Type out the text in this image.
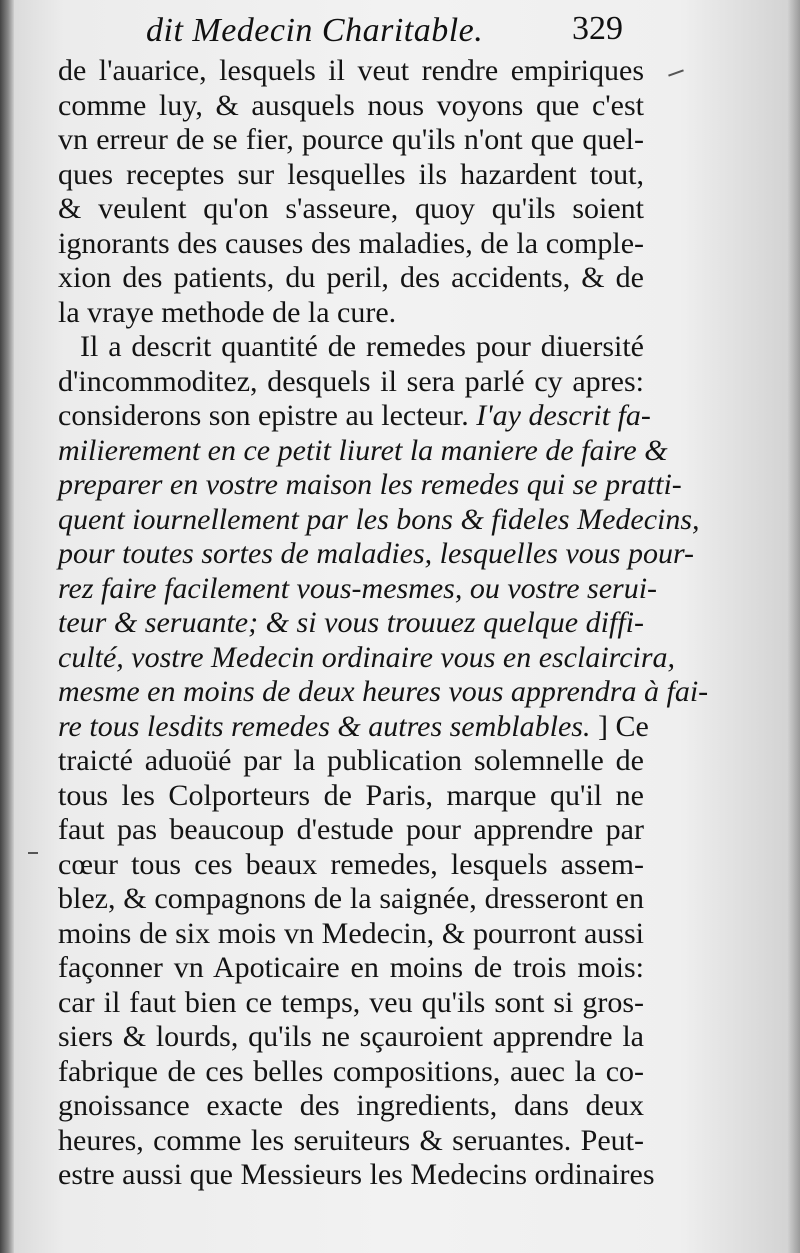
dit Medecin Charitable.	329
de l'auarice, lesquels il veut rendre empiriques
comme luy, & ausquels nous voyons que c'est
vn erreur de se fier, pource qu'ils n'ont que quel-
ques receptes sur lesquelles ils hazardent tout,
& veulent qu'on s'asseure, quoy qu'ils soient
ignorants des causes des maladies, de la comple-
xion des patients, du peril, des accidents, & de
la vraye methode de la cure.
Il a descrit quantité de remedes pour diuersité
d'incommoditez, desquels il sera parlé cy apres:
considerons son epistre au lecteur. I'ay descrit fa-
milierement en ce petit liuret la maniere de faire &
preparer en vostre maison les remedes qui se pratti-
quent iournellement par les bons & fideles Medecins,
pour toutes sortes de maladies, lesquelles vous pour-
rez faire facilement vous-mesmes, ou vostre serui-
teur & seruante; & si vous trouuez quelque diffi-
culté, vostre Medecin ordinaire vous en esclaircira,
mesme en moins de deux heures vous apprendra à fai-
re tous lesdits remedes & autres semblables. ] Ce
traicté aduoüé par la publication solemnelle de
tous les Colporteurs de Paris, marque qu'il ne
faut pas beaucoup d'estude pour apprendre par
cœur tous ces beaux remedes, lesquels assem-
blez, & compagnons de la saignée, dresseront en
moins de six mois vn Medecin, & pourront aussi
façonner vn Apoticaire en moins de trois mois:
car il faut bien ce temps, veu qu'ils sont si gros-
siers & lourds, qu'ils ne sçauroient apprendre la
fabrique de ces belles compositions, auec la co-
gnoissance exacte des ingredients, dans deux
heures, comme les seruiteurs & seruantes. Peut-
estre aussi que Messieurs les Medecins ordinaires
